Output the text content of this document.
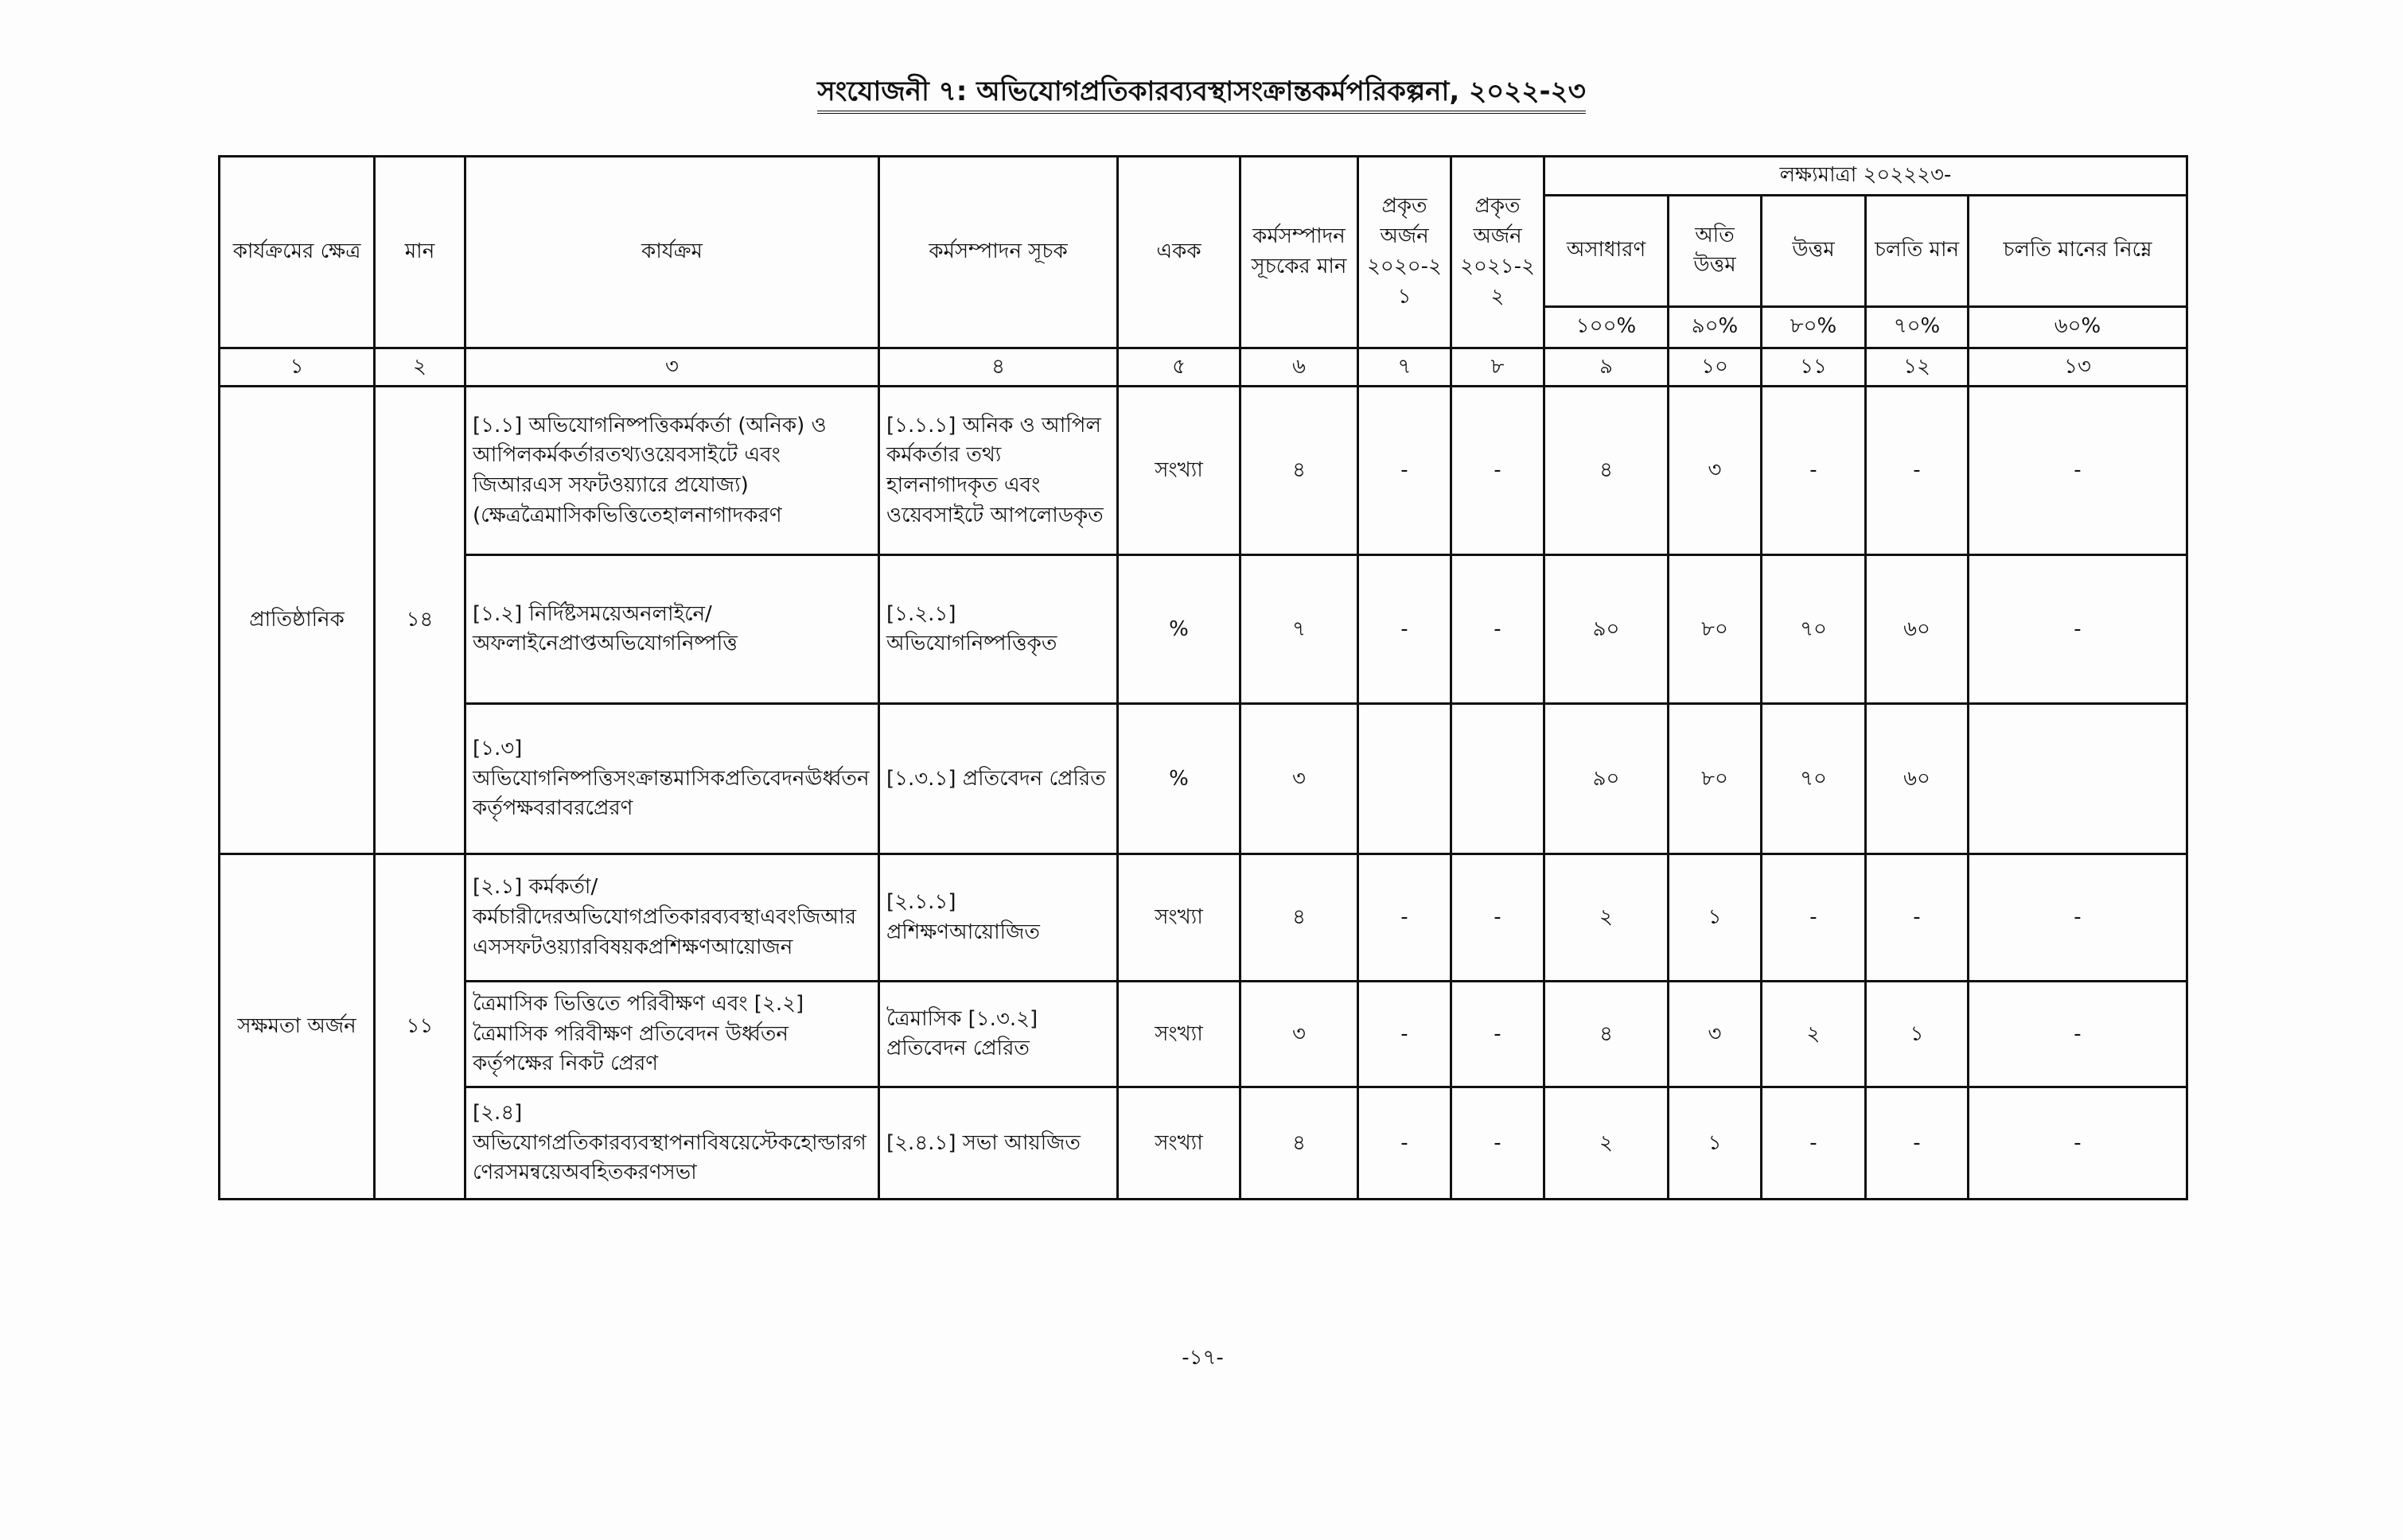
সংযোজনী ৭: অভিযোগপ্রতিকারব্যবস্থাসংক্রান্তকর্মপরিকল্পনা, ২০২২-২৩
কার্যক্রমের ক্ষেত্র	মান	কার্যক্রম	কর্মসম্পাদন সূচক	একক	কর্মসম্পাদন সূচকের মান	প্রকৃত অর্জন ২০২০-২১	প্রকৃত অর্জন ২০২১-২২	লক্ষ্যমাত্রা ২০২২২৩-				
								অসাধারণ	অতি উত্তম	উত্তম	চলতি মান	চলতি মানের নিম্নে
								১০০%	৯০%	৮০%	৭০%	৬০%
১	২	৩	৪	৫	৬	৭	৮	৯	১০	১১	১২	১৩
প্রাতিষ্ঠানিক	১৪	[১.১] অভিযোগনিষ্পত্তিকর্মকর্তা (অনিক) ও আপিলকর্মকর্তারতথ্যওয়েবসাইটে এবং জিআরএস সফটওয়্যারে প্রযোজ্য) (ক্ষেত্রত্রৈমাসিকভিত্তিতেহালনাগাদকরণ	[১.১.১] অনিক ও আপিল কর্মকর্তার তথ্য হালনাগাদকৃত এবং ওয়েবসাইটে আপলোডকৃত	সংখ্যা	৪	-	-	৪	৩	-	-	-
		[১.২] নির্দিষ্টসময়েঅনলাইনে/অফলাইনেপ্রাপ্তঅভিযোগনিষ্পত্তি	[১.২.১] অভিযোগনিষ্পত্তিকৃত	%	৭	-	-	৯০	৮০	৭০	৬০	-
		[১.৩] অভিযোগনিষ্পত্তিসংক্রান্তমাসিকপ্রতিবেদনঊর্ধ্বতনকর্তৃপক্ষবরাবরপ্রেরণ	[১.৩.১] প্রতিবেদন প্রেরিত	%	৩			৯০	৮০	৭০	৬০	
সক্ষমতা অর্জন	১১	[২.১] কর্মকর্তা/কর্মচারীদেরঅভিযোগপ্রতিকারব্যবস্থাএবংজিআরএসসফটওয়্যারবিষয়কপ্রশিক্ষণআয়োজন	[২.১.১] প্রশিক্ষণআয়োজিত	সংখ্যা	৪	-	-	২	১	-	-	-
		ত্রৈমাসিক ভিত্তিতে পরিবীক্ষণ এবং [২.২] ত্রৈমাসিক পরিবীক্ষণ প্রতিবেদন উর্ধ্বতন কর্তৃপক্ষের নিকট প্রেরণ	ত্রৈমাসিক [১.৩.২] প্রতিবেদন প্রেরিত	সংখ্যা	৩	-	-	৪	৩	২	১	-
		[২.৪] অভিযোগপ্রতিকারব্যবস্থাপনাবিষয়েস্টেকহোল্ডারগণেরসমন্বয়েঅবহিতকরণসভা	[২.৪.১] সভা আয়জিত	সংখ্যা	৪	-	-	২	১	-	-	-
-১৭-
